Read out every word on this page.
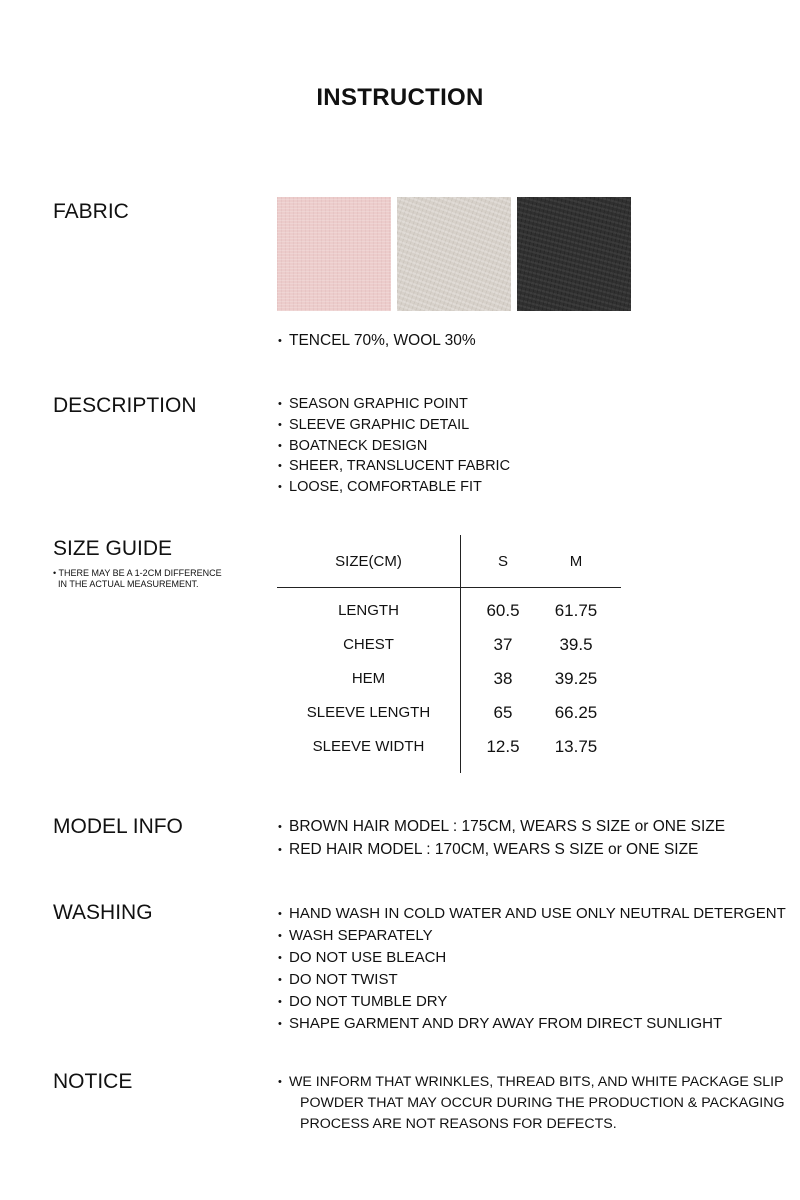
INSTRUCTION
FABRIC
• TENCEL 70%, WOOL 30%
DESCRIPTION	• SEASON GRAPHIC POINT
• SLEEVE GRAPHIC DETAIL
• BOATNECK DESIGN
• SHEER, TRANSLUCENT FABRIC
• LOOSE, COMFORTABLE FIT
SIZE GUIDE
• THERE MAY BE A 1-2CM DIFFERENCE
IN THE ACTUAL MEASUREMENT.
SIZE(CM)	S	M
LENGTH	60.5	61.75
CHEST	37	39.5
HEM	38	39.25
SLEEVE LENGTH	65	66.25
SLEEVE WIDTH	12.5	13.75
MODEL INFO	• BROWN HAIR MODEL : 175CM, WEARS S SIZE or ONE SIZE
• RED HAIR MODEL : 170CM, WEARS S SIZE or ONE SIZE
WASHING	• HAND WASH IN COLD WATER AND USE ONLY NEUTRAL DETERGENT
• WASH SEPARATELY
• DO NOT USE BLEACH
• DO NOT TWIST
• DO NOT TUMBLE DRY
• SHAPE GARMENT AND DRY AWAY FROM DIRECT SUNLIGHT
NOTICE	• WE INFORM THAT WRINKLES, THREAD BITS, AND WHITE PACKAGE SLIP
POWDER THAT MAY OCCUR DURING THE PRODUCTION & PACKAGING
PROCESS ARE NOT REASONS FOR DEFECTS.
